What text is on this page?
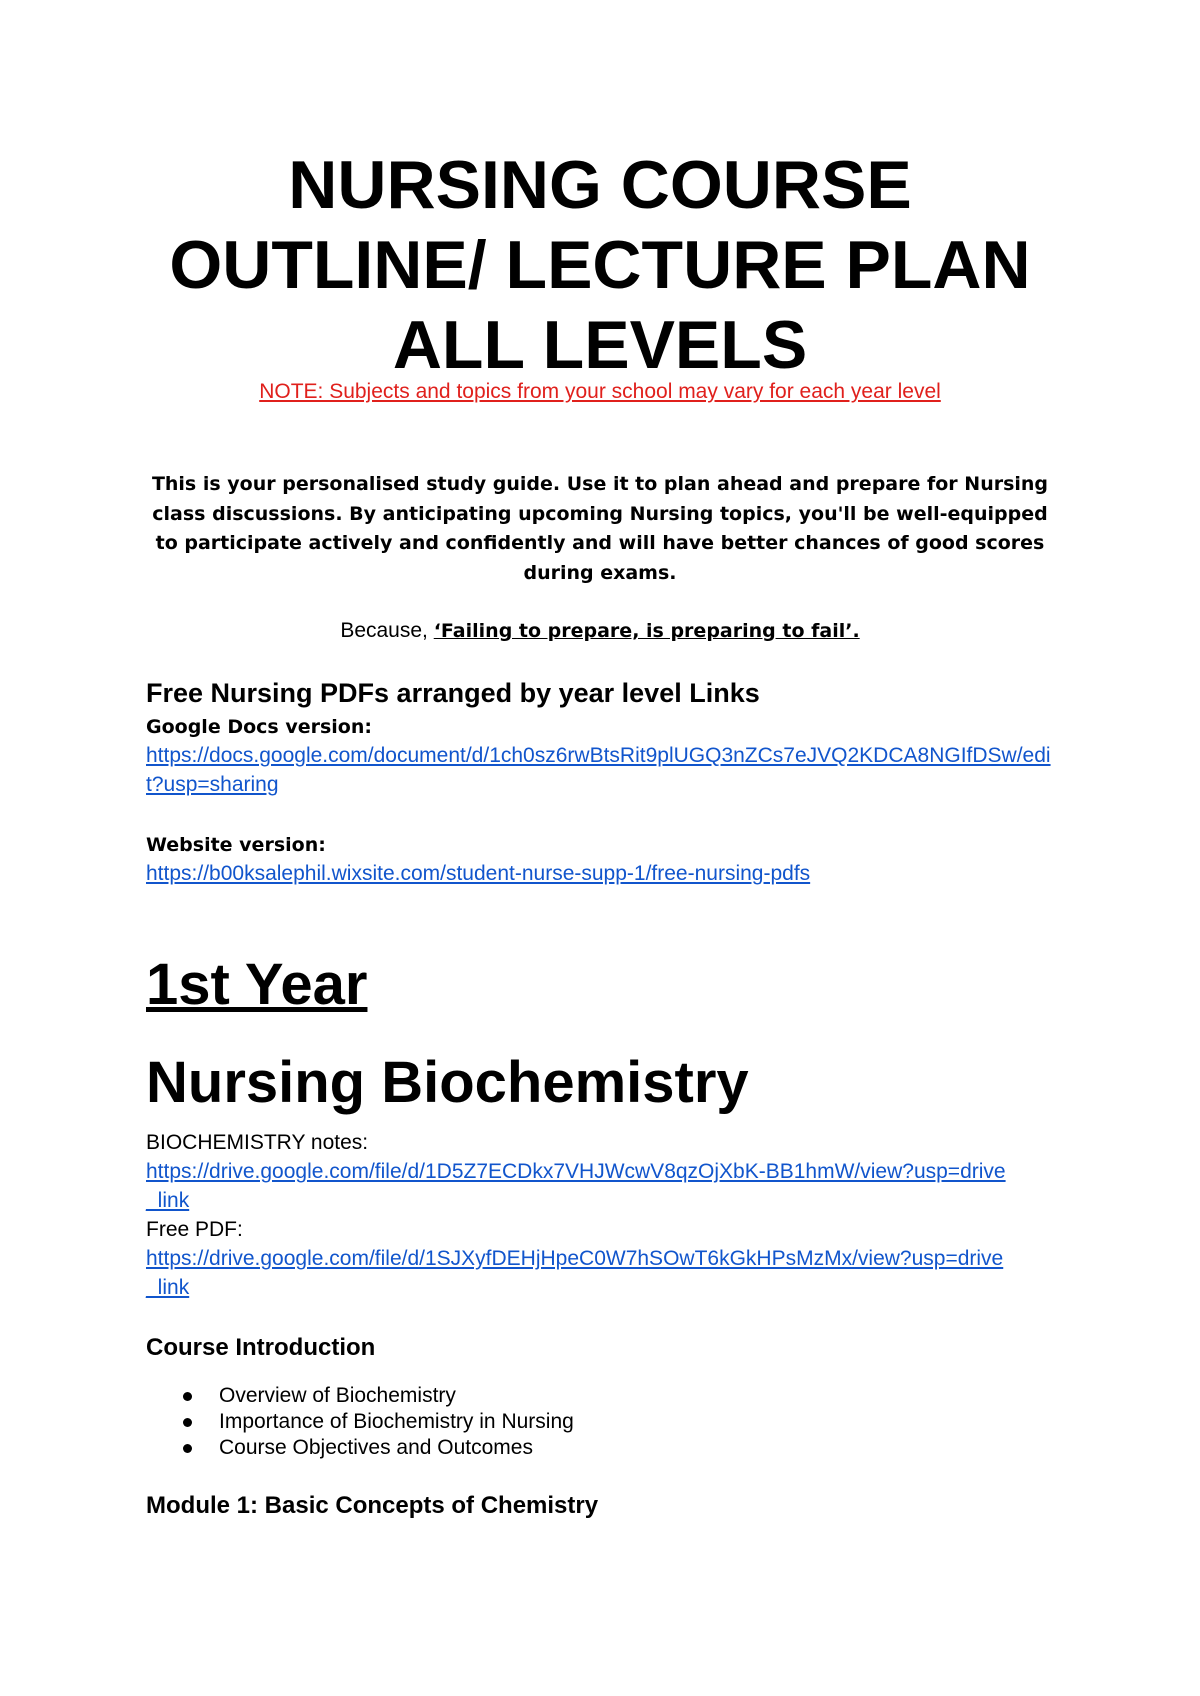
NURSING COURSE
OUTLINE/ LECTURE PLAN
ALL LEVELS
NOTE: Subjects and topics from your school may vary for each year level
This is your personalised study guide. Use it to plan ahead and prepare for Nursing class discussions. By anticipating upcoming Nursing topics, you'll be well-equipped to participate actively and confidently and will have better chances of good scores during exams.
Because, ‘Failing to prepare, is preparing to fail’.
Free Nursing PDFs arranged by year level Links
Google Docs version:
https://docs.google.com/document/d/1ch0sz6rwBtsRit9plUGQ3nZCs7eJVQ2KDCA8NGIfDSw/edit?usp=sharing
Website version:
https://b00ksalephil.wixsite.com/student-nurse-supp-1/free-nursing-pdfs
1st Year
Nursing Biochemistry
BIOCHEMISTRY notes:
https://drive.google.com/file/d/1D5Z7ECDkx7VHJWcwV8qzOjXbK-BB1hmW/view?usp=drive_link
Free PDF:
https://drive.google.com/file/d/1SJXyfDEHjHpeC0W7hSOwT6kGkHPsMzMx/view?usp=drive_link
Course Introduction
Overview of Biochemistry
Importance of Biochemistry in Nursing
Course Objectives and Outcomes
Module 1: Basic Concepts of Chemistry
